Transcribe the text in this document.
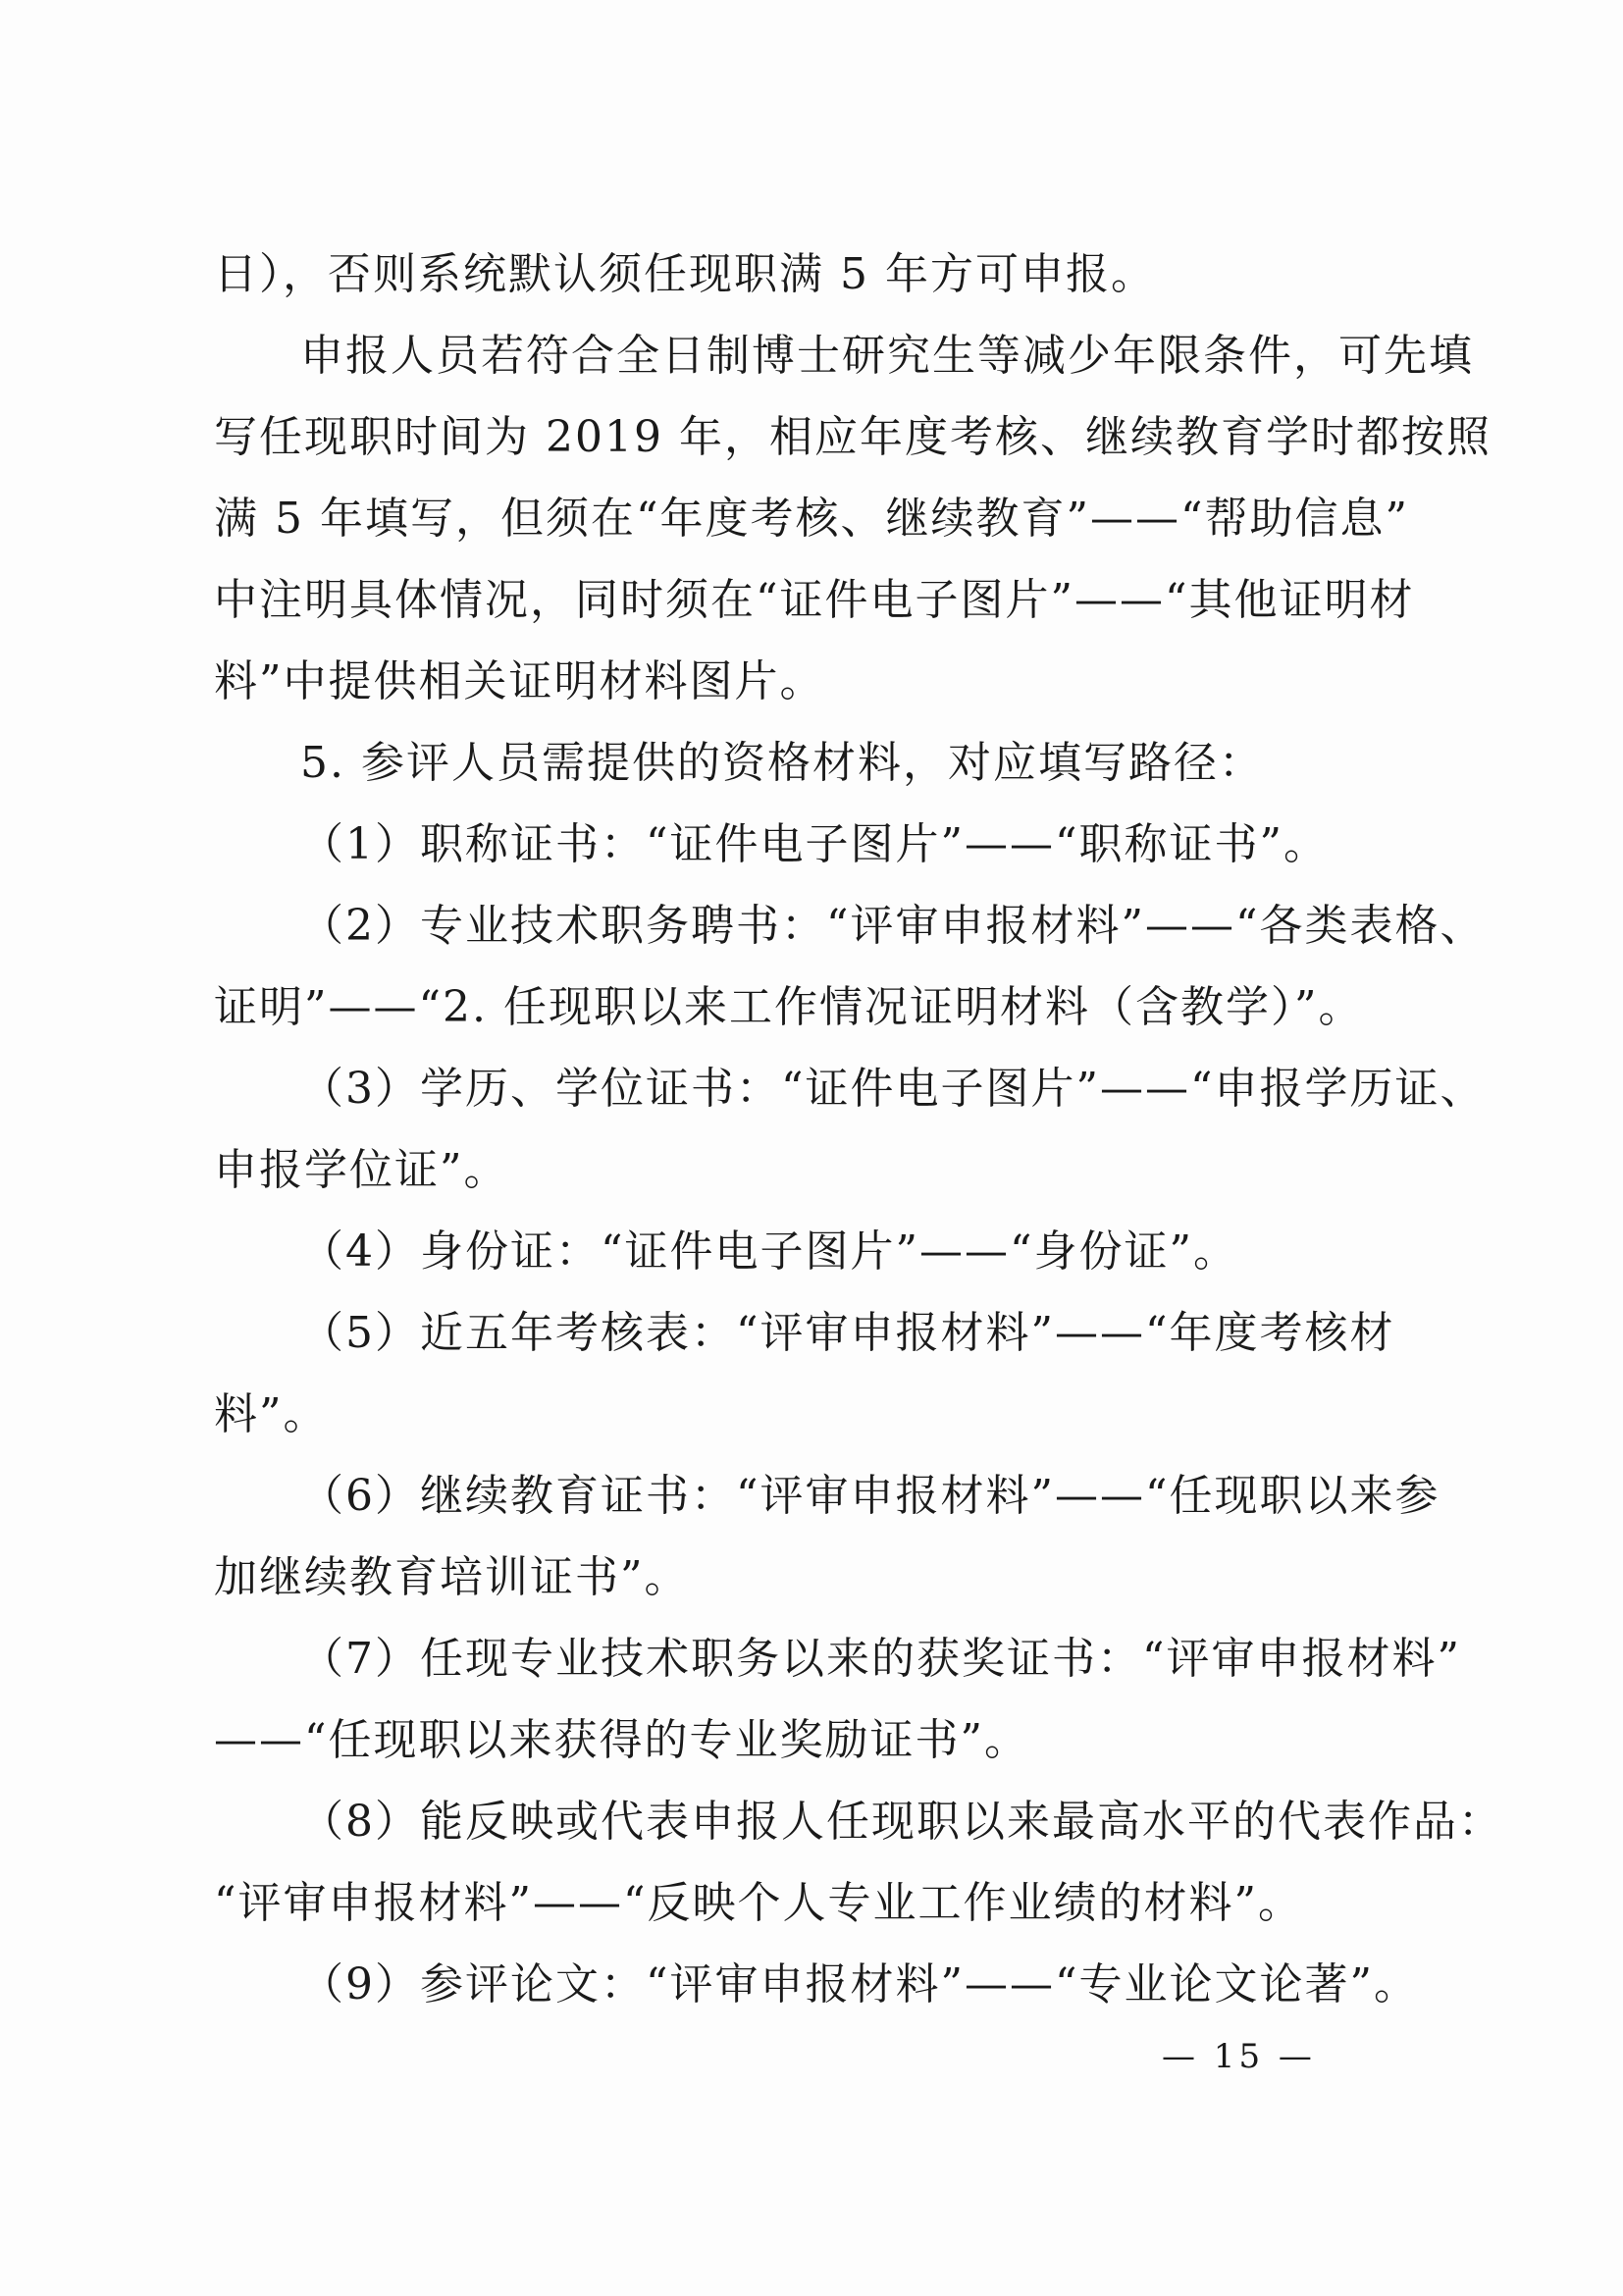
日），否则系统默认须任现职满 5 年方可申报。
申报人员若符合全日制博士研究生等减少年限条件，可先填
写任现职时间为 2019 年，相应年度考核、继续教育学时都按照
满 5 年填写，但须在“年度考核、继续教育”——“帮助信息”
中注明具体情况，同时须在“证件电子图片”——“其他证明材
料”中提供相关证明材料图片。
5. 参评人员需提供的资格材料，对应填写路径：
（1）职称证书：“证件电子图片”——“职称证书”。
（2）专业技术职务聘书：“评审申报材料”——“各类表格、
证明”——“2. 任现职以来工作情况证明材料（含教学）”。
（3）学历、学位证书：“证件电子图片”——“申报学历证、
申报学位证”。
（4）身份证：“证件电子图片”——“身份证”。
（5）近五年考核表：“评审申报材料”——“年度考核材
料”。
（6）继续教育证书：“评审申报材料”——“任现职以来参
加继续教育培训证书”。
（7）任现专业技术职务以来的获奖证书：“评审申报材料”
——“任现职以来获得的专业奖励证书”。
（8）能反映或代表申报人任现职以来最高水平的代表作品：
“评审申报材料”——“反映个人专业工作业绩的材料”。
（9）参评论文：“评审申报材料”——“专业论文论著”。
— 15 —
